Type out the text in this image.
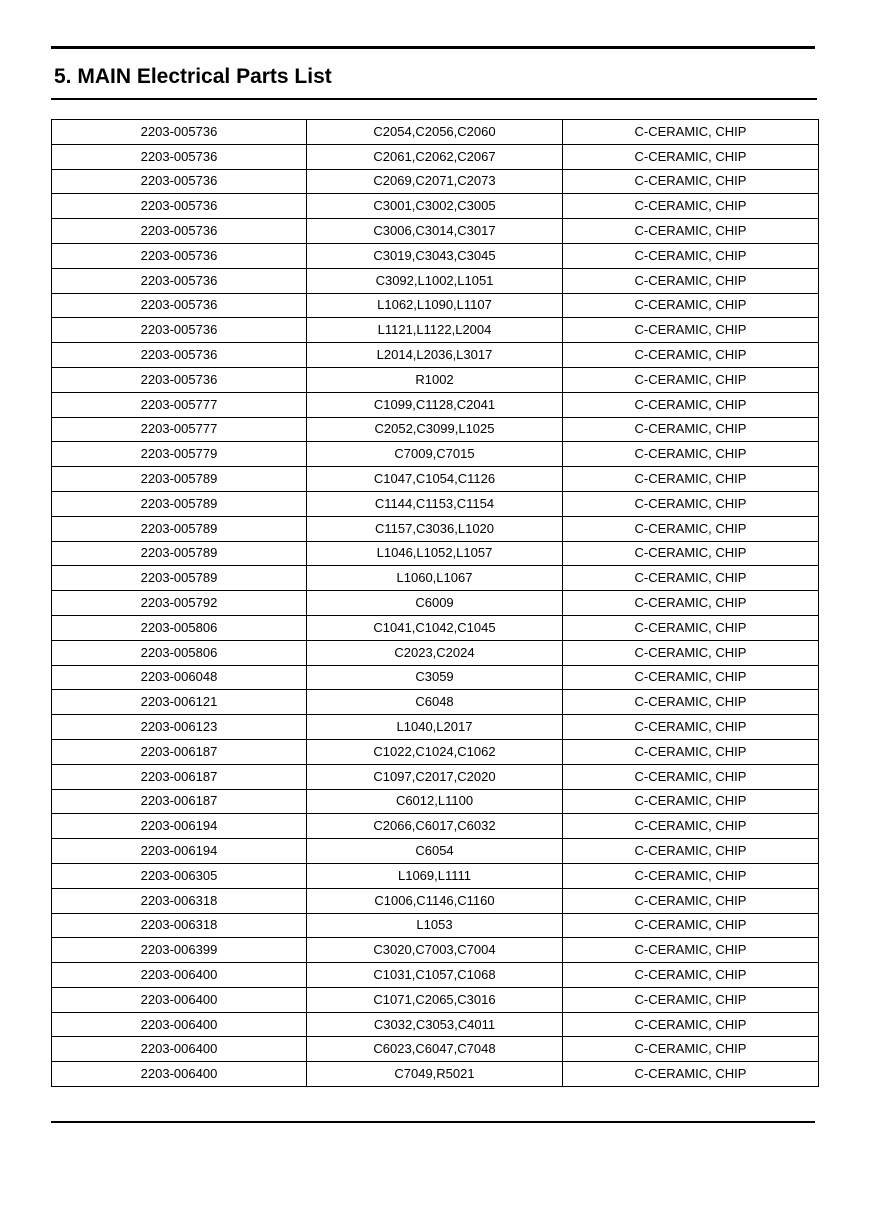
5. MAIN Electrical Parts List
2203-005736	C2054,C2056,C2060	C-CERAMIC, CHIP
2203-005736	C2061,C2062,C2067	C-CERAMIC, CHIP
2203-005736	C2069,C2071,C2073	C-CERAMIC, CHIP
2203-005736	C3001,C3002,C3005	C-CERAMIC, CHIP
2203-005736	C3006,C3014,C3017	C-CERAMIC, CHIP
2203-005736	C3019,C3043,C3045	C-CERAMIC, CHIP
2203-005736	C3092,L1002,L1051	C-CERAMIC, CHIP
2203-005736	L1062,L1090,L1107	C-CERAMIC, CHIP
2203-005736	L1121,L1122,L2004	C-CERAMIC, CHIP
2203-005736	L2014,L2036,L3017	C-CERAMIC, CHIP
2203-005736	R1002	C-CERAMIC, CHIP
2203-005777	C1099,C1128,C2041	C-CERAMIC, CHIP
2203-005777	C2052,C3099,L1025	C-CERAMIC, CHIP
2203-005779	C7009,C7015	C-CERAMIC, CHIP
2203-005789	C1047,C1054,C1126	C-CERAMIC, CHIP
2203-005789	C1144,C1153,C1154	C-CERAMIC, CHIP
2203-005789	C1157,C3036,L1020	C-CERAMIC, CHIP
2203-005789	L1046,L1052,L1057	C-CERAMIC, CHIP
2203-005789	L1060,L1067	C-CERAMIC, CHIP
2203-005792	C6009	C-CERAMIC, CHIP
2203-005806	C1041,C1042,C1045	C-CERAMIC, CHIP
2203-005806	C2023,C2024	C-CERAMIC, CHIP
2203-006048	C3059	C-CERAMIC, CHIP
2203-006121	C6048	C-CERAMIC, CHIP
2203-006123	L1040,L2017	C-CERAMIC, CHIP
2203-006187	C1022,C1024,C1062	C-CERAMIC, CHIP
2203-006187	C1097,C2017,C2020	C-CERAMIC, CHIP
2203-006187	C6012,L1100	C-CERAMIC, CHIP
2203-006194	C2066,C6017,C6032	C-CERAMIC, CHIP
2203-006194	C6054	C-CERAMIC, CHIP
2203-006305	L1069,L1111	C-CERAMIC, CHIP
2203-006318	C1006,C1146,C1160	C-CERAMIC, CHIP
2203-006318	L1053	C-CERAMIC, CHIP
2203-006399	C3020,C7003,C7004	C-CERAMIC, CHIP
2203-006400	C1031,C1057,C1068	C-CERAMIC, CHIP
2203-006400	C1071,C2065,C3016	C-CERAMIC, CHIP
2203-006400	C3032,C3053,C4011	C-CERAMIC, CHIP
2203-006400	C6023,C6047,C7048	C-CERAMIC, CHIP
2203-006400	C7049,R5021	C-CERAMIC, CHIP
